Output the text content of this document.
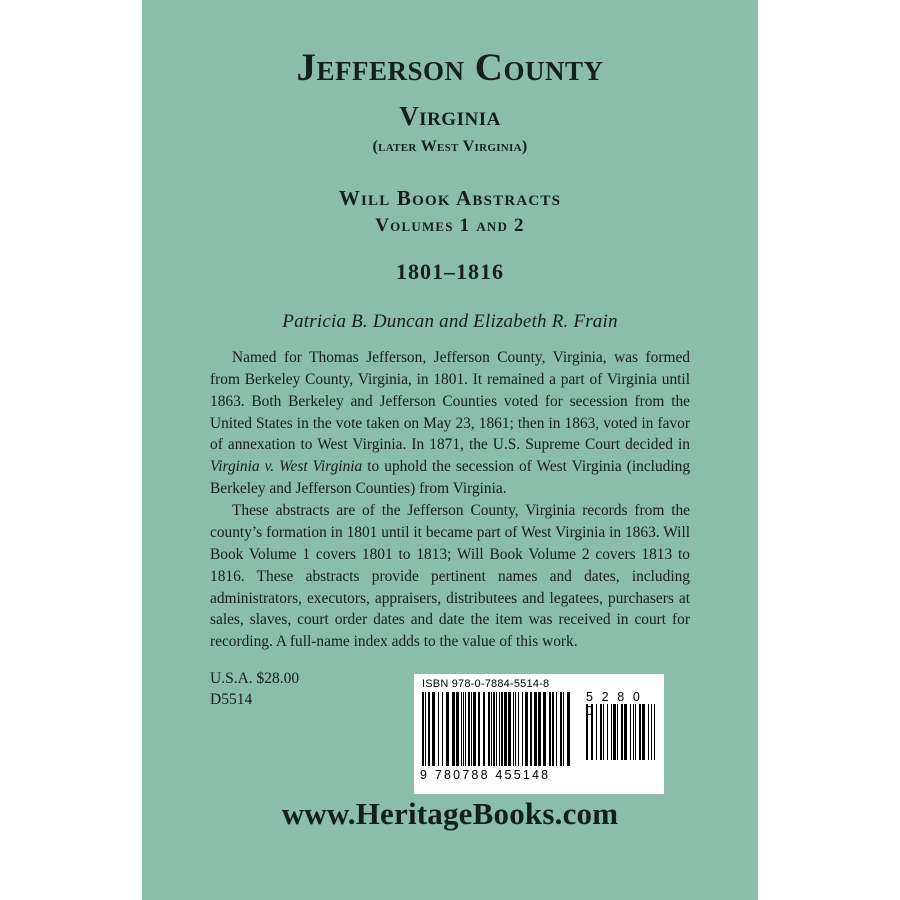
Jefferson County
Virginia
(later West Virginia)
Will Book Abstracts
Volumes 1 and 2
1801–1816
Patricia B. Duncan and Elizabeth R. Frain

Named for Thomas Jefferson, Jefferson County, Virginia, was formed from Berkeley County, Virginia, in 1801. It remained a part of Virginia until 1863. Both Berkeley and Jefferson Counties voted for secession from the United States in the vote taken on May 23, 1861; then in 1863, voted in favor of annexation to West Virginia. In 1871, the U.S. Supreme Court decided in Virginia v. West Virginia to uphold the secession of West Virginia (including Berkeley and Jefferson Counties) from Virginia.

These abstracts are of the Jefferson County, Virginia records from the county’s formation in 1801 until it became part of West Virginia in 1863. Will Book Volume 1 covers 1801 to 1813; Will Book Volume 2 covers 1813 to 1816. These abstracts provide pertinent names and dates, including administrators, executors, appraisers, distributees and legatees, purchasers at sales, slaves, court order dates and date the item was received in court for recording. A full-name index adds to the value of this work.

U.S.A. $28.00
D5514
www.HeritageBooks.com
ISBN 978-0-7884-5514-8
9 780788 455148
5 2 8 0 0
